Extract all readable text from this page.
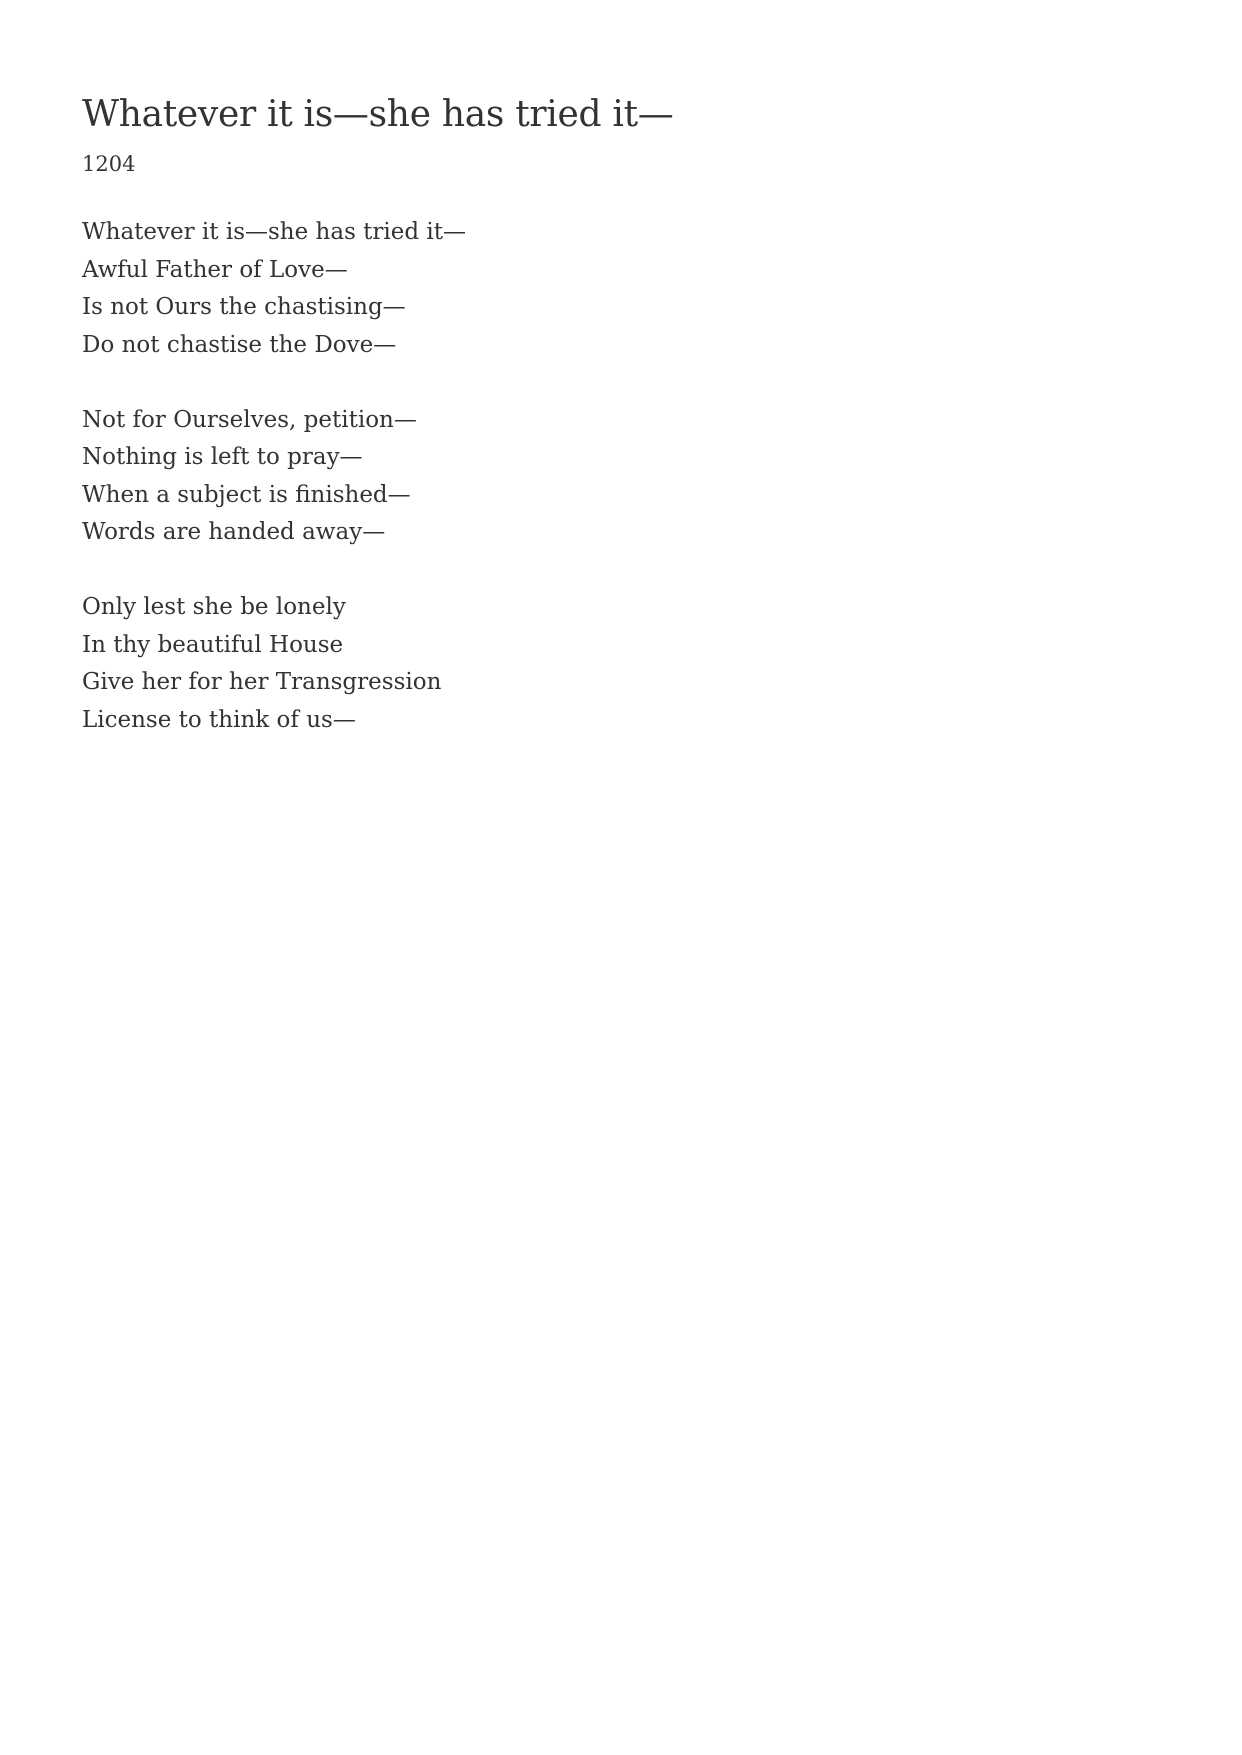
Whatever it is—she has tried it—

1204

Whatever it is—she has tried it—
Awful Father of Love—
Is not Ours the chastising—
Do not chastise the Dove—
Not for Ourselves, petition—
Nothing is left to pray—
When a subject is finished—
Words are handed away—
Only lest she be lonely
In thy beautiful House
Give her for her Transgression
License to think of us—
